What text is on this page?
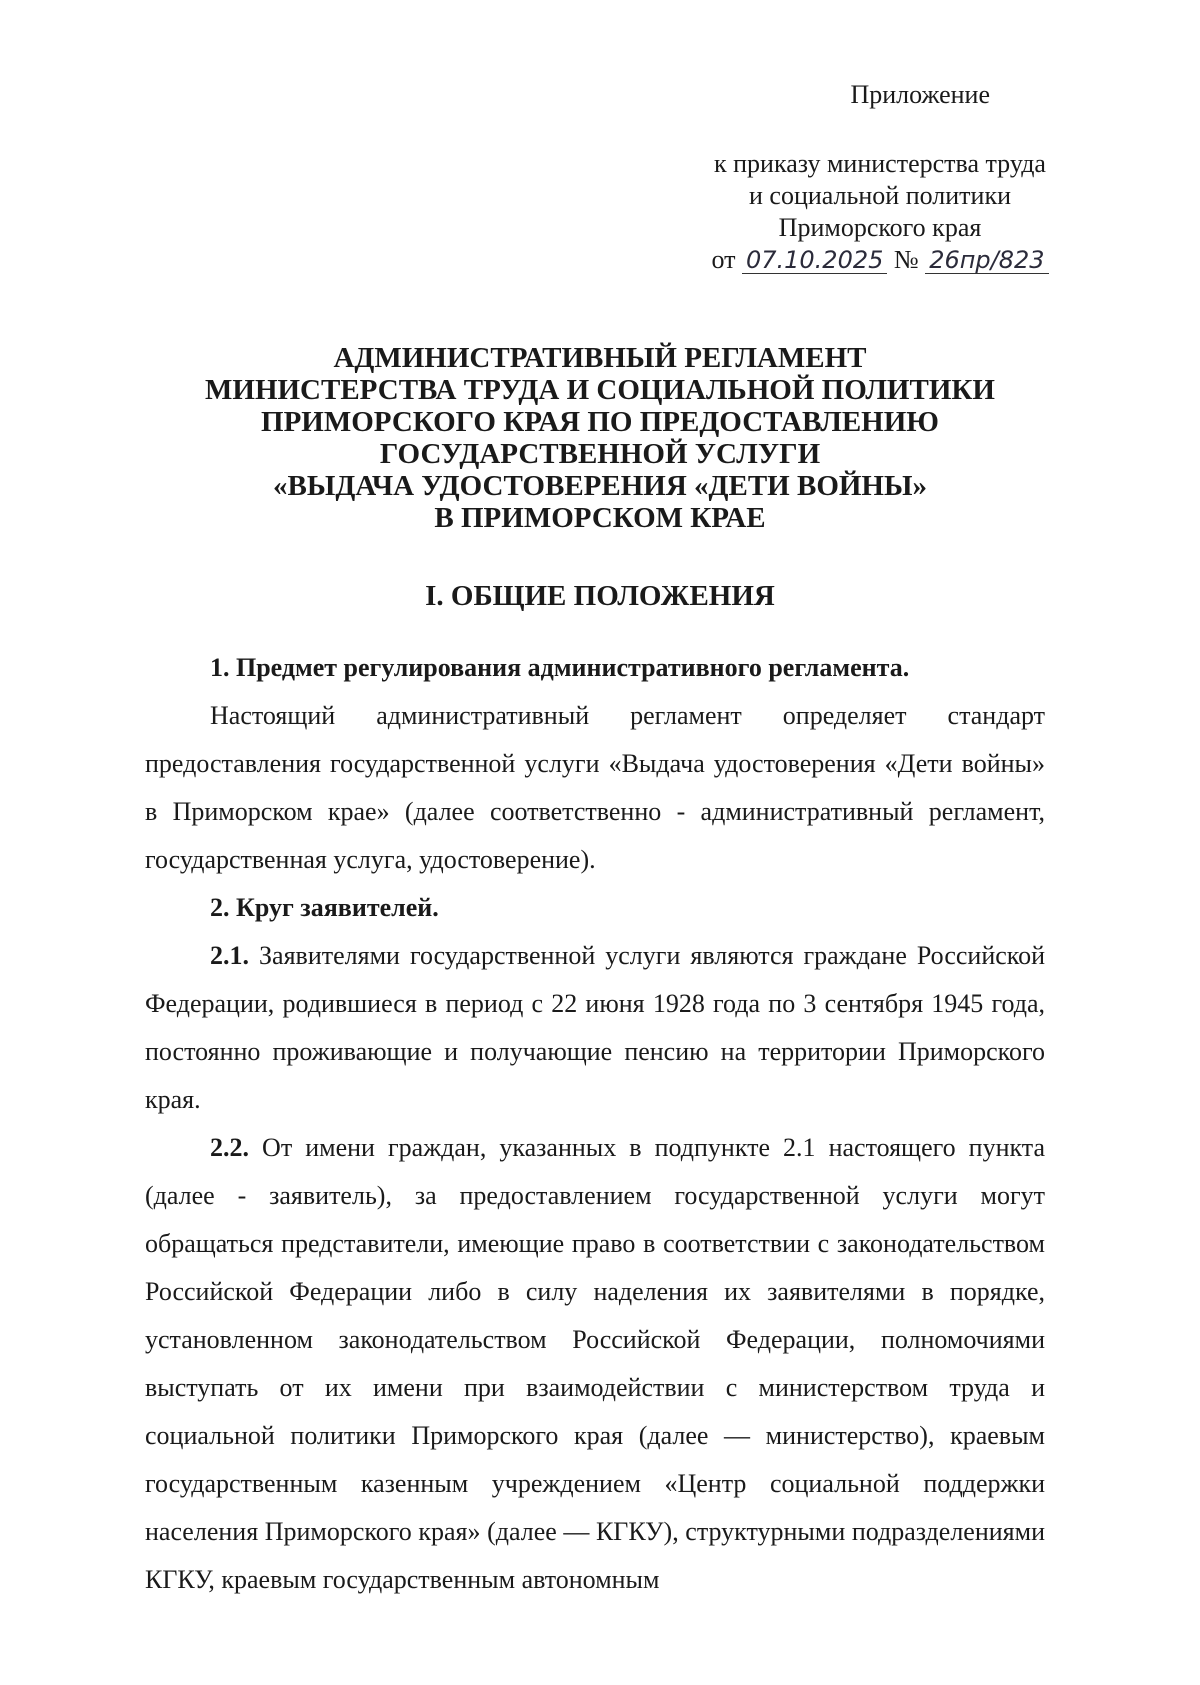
Приложение
к приказу министерства труда
и социальной политики
Приморского края
от 07.10.2025 № 26пр/823
АДМИНИСТРАТИВНЫЙ РЕГЛАМЕНТ
МИНИСТЕРСТВА ТРУДА И СОЦИАЛЬНОЙ ПОЛИТИКИ
ПРИМОРСКОГО КРАЯ ПО ПРЕДОСТАВЛЕНИЮ
ГОСУДАРСТВЕННОЙ УСЛУГИ
«ВЫДАЧА УДОСТОВЕРЕНИЯ «ДЕТИ ВОЙНЫ»
В ПРИМОРСКОМ КРАЕ
I. ОБЩИЕ ПОЛОЖЕНИЯ

1. Предмет регулирования административного регламента.

Настоящий административный регламент определяет стандарт предоставления государственной услуги «Выдача удостоверения «Дети войны» в Приморском крае» (далее соответственно - административный регламент, государственная услуга, удостоверение).

2. Круг заявителей.

2.1. Заявителями государственной услуги являются граждане Российской Федерации, родившиеся в период с 22 июня 1928 года по 3 сентября 1945 года, постоянно проживающие и получающие пенсию на территории Приморского края.

2.2. От имени граждан, указанных в подпункте 2.1 настоящего пункта (далее - заявитель), за предоставлением государственной услуги могут обращаться представители, имеющие право в соответствии с законодательством Российской Федерации либо в силу наделения их заявителями в порядке, установленном законодательством Российской Федерации, полномочиями выступать от их имени при взаимодействии с министерством труда и социальной политики Приморского края (далее — министерство), краевым государственным казенным учреждением «Центр социальной поддержки населения Приморского края» (далее — КГКУ), структурными подразделениями КГКУ, краевым государственным автономным
